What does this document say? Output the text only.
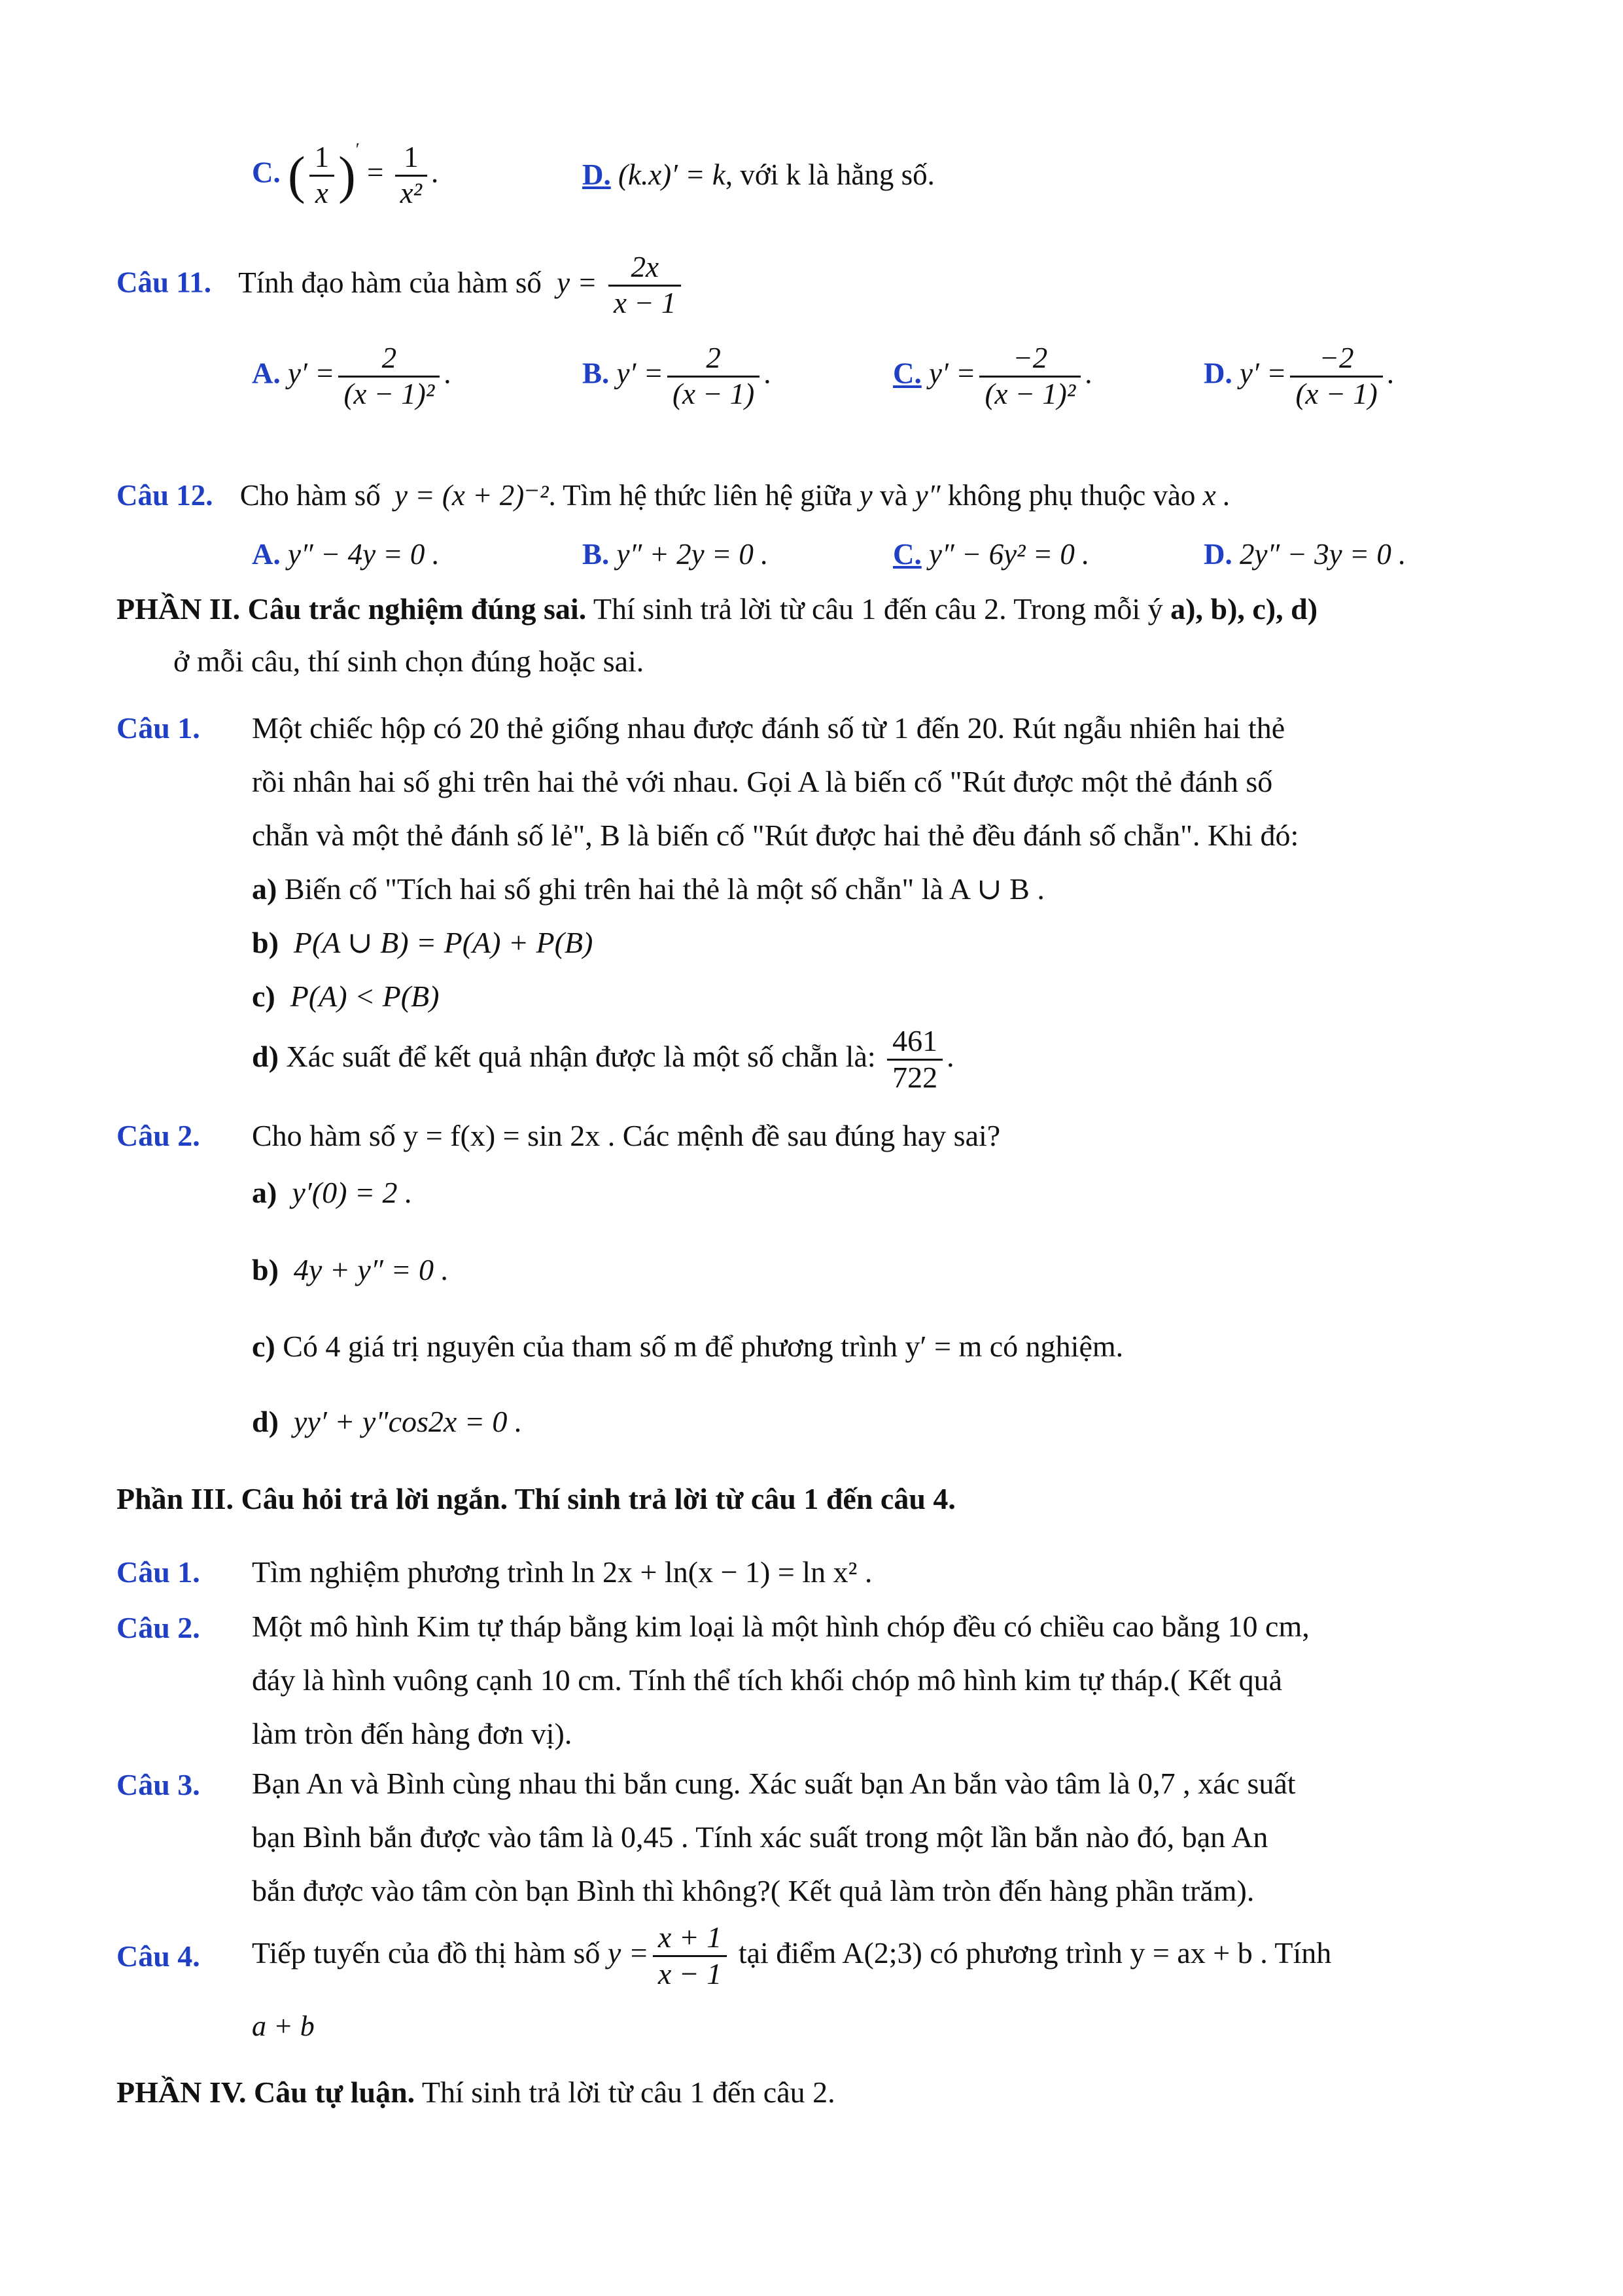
C. ( $\frac{1}{x} )' = \frac{1}{\text{x²}}$ .	D. (k.x)′ = k, với k là hằng số.
Câu 11. Tính đạo hàm của hàm số $y = \frac{2x}{x - 1}$
A. $y' = \frac{2}{\text{(x − 1)²}}$ .	B. $y' = \frac{2}{(x - 1)}$ .	C. $y' = \frac{-2}{\text{(x − 1)²}}$ .	D. $y' = \frac{-2}{(x - 1)}$ .
Câu 12. Cho hàm số y = (x + 2)⁻². Tìm hệ thức liên hệ giữa y và y″ không phụ thuộc vào x .
A. y″ − 4y = 0 .	B. y″ + 2y = 0 .	C. y″ − 6y² = 0 .	D. 2y″ − 3y = 0 .
PHẦN II. Câu trắc nghiệm đúng sai. Thí sinh trả lời từ câu 1 đến câu 2. Trong mỗi ý a), b), c), d)
ở mỗi câu, thí sinh chọn đúng hoặc sai.
Câu 1. Một chiếc hộp có 20 thẻ giống nhau được đánh số từ 1 đến 20. Rút ngẫu nhiên hai thẻ
rồi nhân hai số ghi trên hai thẻ với nhau. Gọi A là biến cố "Rút được một thẻ đánh số
chẵn và một thẻ đánh số lẻ", B là biến cố "Rút được hai thẻ đều đánh số chẵn". Khi đó:
a) Biến cố "Tích hai số ghi trên hai thẻ là một số chẵn" là A ∪ B .
b) P(A ∪ B) = P(A) + P(B)
c) P(A) < P(B)
d) Xác suất để kết quả nhận được là một số chẵn là: $\frac{461}{722}$ .
Câu 2. Cho hàm số y = f(x) = sin 2x . Các mệnh đề sau đúng hay sai?
a) y′(0) = 2 .
b) 4y + y″ = 0 .
c) Có 4 giá trị nguyên của tham số m để phương trình y′ = m có nghiệm.
d) yy′ + y"cos2x = 0 .
Phần III. Câu hỏi trả lời ngắn. Thí sinh trả lời từ câu 1 đến câu 4.
Câu 1. Tìm nghiệm phương trình ln 2x + ln(x − 1) = ln x² .
Câu 2. Một mô hình Kim tự tháp bằng kim loại là một hình chóp đều có chiều cao bằng 10 cm,
đáy là hình vuông cạnh 10 cm. Tính thể tích khối chóp mô hình kim tự tháp.( Kết quả
làm tròn đến hàng đơn vị).
Câu 3. Bạn An và Bình cùng nhau thi bắn cung. Xác suất bạn An bắn vào tâm là 0,7 , xác suất
bạn Bình bắn được vào tâm là 0,45 . Tính xác suất trong một lần bắn nào đó, bạn An
bắn được vào tâm còn bạn Bình thì không?( Kết quả làm tròn đến hàng phần trăm).
Câu 4. Tiếp tuyến của đồ thị hàm số $y = \frac{x + 1}{x - 1}$ tại điểm A(2;3) có phương trình y = ax + b . Tính
a + b
PHẦN IV. Câu tự luận. Thí sinh trả lời từ câu 1 đến câu 2.
